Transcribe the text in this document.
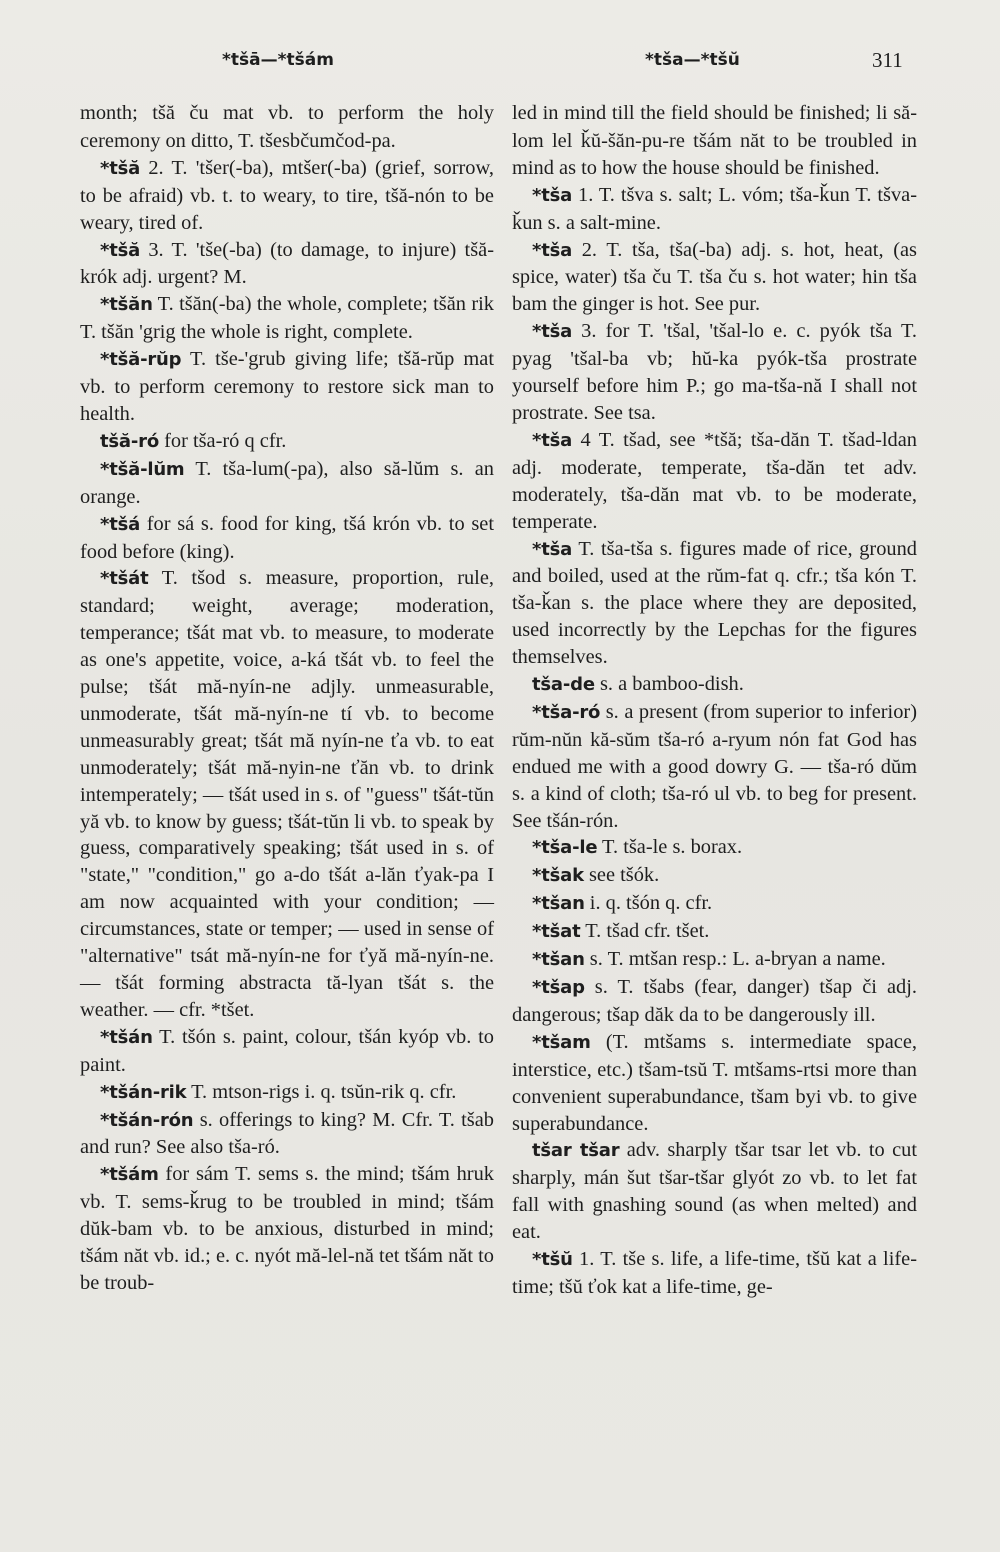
*tšā—*tšám	*tša—*tšŭ	311

month; tšă ču mat vb. to perform the holy ceremony on ditto, T. tšesbčumčod-pa.

*tšă 2. T. 'tšer(-ba), mtšer(-ba) (grief, sorrow, to be afraid) vb. t. to weary, to tire, tšă-nón to be weary, tired of.

*tšă 3. T. 'tše(-ba) (to damage, to injure) tšă-krók adj. urgent? M.

*tšăn T. tšăn(-ba) the whole, complete; tšăn rik T. tšăn 'grig the whole is right, complete.

*tšă-rŭp T. tše-'grub giving life; tšă-rŭp mat vb. to perform ceremony to restore sick man to health.

tšă-ró for tša-ró q cfr.

*tšă-lŭm T. tša-lum(-pa), also să-lŭm s. an orange.

*tšá for sá s. food for king, tšá krón vb. to set food before (king).

*tšát T. tšod s. measure, proportion, rule, standard; weight, average; moderation, temperance; tšát mat vb. to measure, to moderate as one's appetite, voice, a-ká tšát vb. to feel the pulse; tšát mă-nyín-ne adjly. unmeasurable, unmoderate, tšát mă-nyín-ne tí vb. to become unmeasurably great; tšát mă nyín-ne ťa vb. to eat unmoderately; tšát mă-nyin-ne ťăn vb. to drink intemperately; — tšát used in s. of "guess" tšát-tŭn yă vb. to know by guess; tšát-tŭn li vb. to speak by guess, comparatively speaking; tšát used in s. of "state," "condition," go a-do tšát a-lăn ťyak-pa I am now acquainted with your condition; — circumstances, state or temper; — used in sense of "alternative" tsát mă-nyín-ne for ťyă mă-nyín-ne. — tšát forming abstracta tă-lyan tšát s. the weather. — cfr. *tšet.

*tšán T. tšón s. paint, colour, tšán kyóp vb. to paint.

*tšán-rik T. mtson-rigs i. q. tsŭn-rik q. cfr.

*tšán-rón s. offerings to king? M. Cfr. T. tšab and run? See also tša-ró.

*tšám for sám T. sems s. the mind; tšám hruk vb. T. sems-ǩrug to be troubled in mind; tšám dŭk-bam vb. to be anxious, disturbed in mind; tšám năt vb. id.; e. c. nyót mă-lel-nă tet tšám năt to be troub-

led in mind till the field should be finished; li să-lom lel ǩŭ-šăn-pu-re tšám năt to be troubled in mind as to how the house should be finished.

*tša 1. T. tšva s. salt; L. vóm; tša-ǩun T. tšva-ǩun s. a salt-mine.

*tša 2. T. tša, tša(-ba) adj. s. hot, heat, (as spice, water) tša ču T. tša ču s. hot water; hin tša bam the ginger is hot. See pur.

*tša 3. for T. 'tšal, 'tšal-lo e. c. pyók tša T. pyag 'tšal-ba vb; hŭ-ka pyók-tša prostrate yourself before him P.; go ma-tša-nă I shall not prostrate. See tsa.

*tša 4 T. tšad, see *tšă; tša-dăn T. tšad-ldan adj. moderate, temperate, tša-dăn tet adv. moderately, tša-dăn mat vb. to be moderate, temperate.

*tša T. tša-tša s. figures made of rice, ground and boiled, used at the rŭm-fat q. cfr.; tša kón T. tša-ǩan s. the place where they are deposited, used incorrectly by the Lepchas for the figures themselves.

tša-de s. a bamboo-dish.

*tša-ró s. a present (from superior to inferior) rŭm-nŭn kă-sŭm tša-ró a-ryum nón fat God has endued me with a good dowry G. — tša-ró dŭm s. a kind of cloth; tša-ró ul vb. to beg for present. See tšán-rón.

*tša-le T. tša-le s. borax.

*tšak see tšók.

*tšan i. q. tšón q. cfr.

*tšat T. tšad cfr. tšet.

*tšan s. T. mtšan resp.: L. a-bryan a name.

*tšap s. T. tšabs (fear, danger) tšap či adj. dangerous; tšap dăk da to be dangerously ill.

*tšam (T. mtšams s. intermediate space, interstice, etc.) tšam-tsŭ T. mtšams-rtsi more than convenient superabundance, tšam byi vb. to give superabundance.

tšar tšar adv. sharply tšar tsar let vb. to cut sharply, mán šut tšar-tšar glyót zo vb. to let fat fall with gnashing sound (as when melted) and eat.

*tšŭ 1. T. tše s. life, a life-time, tšŭ kat a life-time; tšŭ ťok kat a life-time, ge-
